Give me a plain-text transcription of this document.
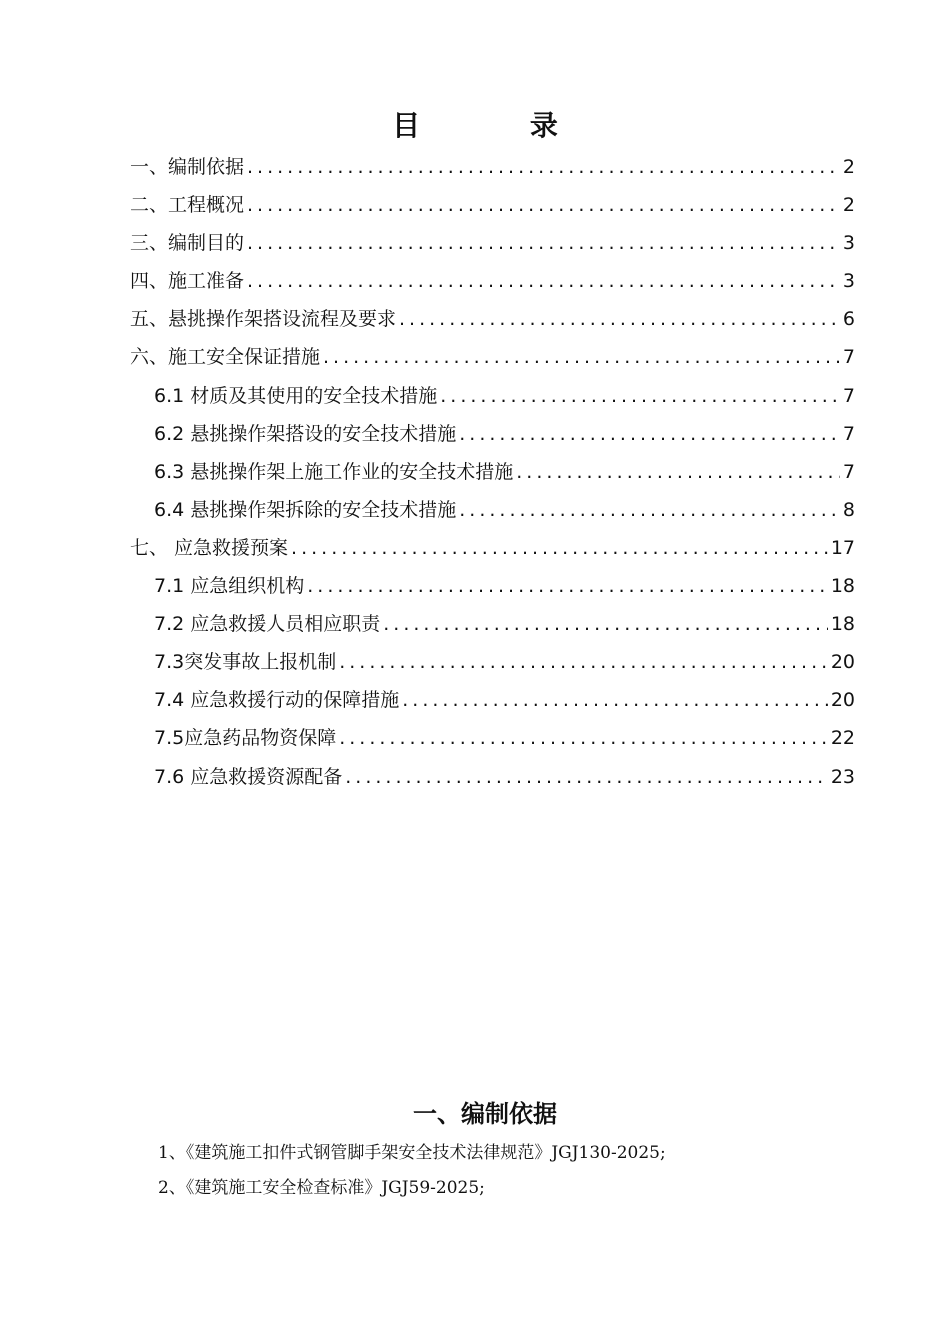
目 录
一、编制依据 .....	2
二、工程概况 .....	2
三、编制目的 .....	3
四、施工准备 .....	3
五、悬挑操作架搭设流程及要求 .....	6
六、施工安全保证措施 .....	7
6.1 材质及其使用的安全技术措施 .....	7
6.2 悬挑操作架搭设的安全技术措施 .....	7
6.3 悬挑操作架上施工作业的安全技术措施 .....	7
6.4 悬挑操作架拆除的安全技术措施 .....	8
七、 应急救援预案 .....	17
7.1 应急组织机构 .....	18
7.2 应急救援人员相应职责 .....	18
7.3突发事故上报机制 .....	20
7.4 应急救援行动的保障措施 .....	20
7.5应急药品物资保障 .....	22
7.6 应急救援资源配备 .....	23
一、编制依据
1、《建筑施工扣件式钢管脚手架安全技术法律规范》JGJ130-2025;
2、《建筑施工安全检查标准》JGJ59-2025;
